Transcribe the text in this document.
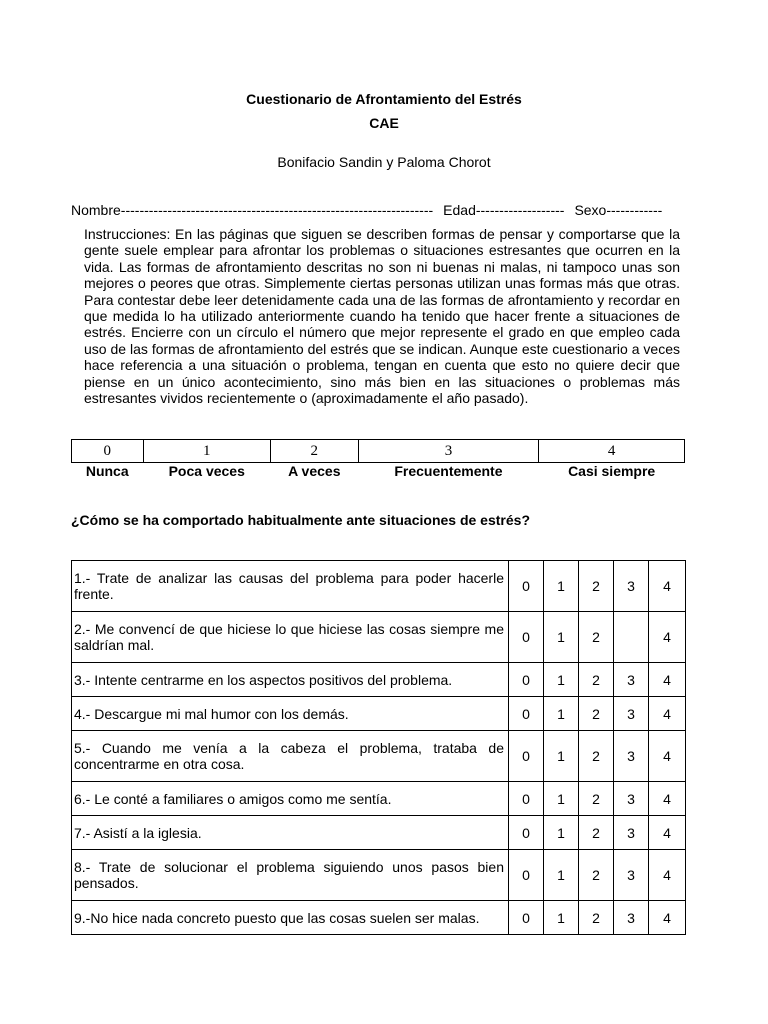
Cuestionario de Afrontamiento del Estrés
CAE
Bonifacio Sandin y Paloma Chorot
Nombre------------------------------------------------------------------- Edad------------------- Sexo------------
Instrucciones: En las páginas que siguen se describen formas de pensar y comportarse que la gente suele emplear para afrontar los problemas o situaciones estresantes que ocurren en la vida. Las formas de afrontamiento descritas no son ni buenas ni malas, ni tampoco unas son mejores o peores que otras. Simplemente ciertas personas utilizan unas formas más que otras. Para contestar debe leer detenidamente cada una de las formas de afrontamiento y recordar en que medida lo ha utilizado anteriormente cuando ha tenido que hacer frente a situaciones de estrés. Encierre con un círculo el número que mejor represente el grado en que empleo cada uso de las formas de afrontamiento del estrés que se indican. Aunque este cuestionario a veces hace referencia a una situación o problema, tengan en cuenta que esto no quiere decir que piense en un único acontecimiento, sino más bien en las situaciones o problemas más estresantes vividos recientemente o (aproximadamente el año pasado).
0	1	2	3	4
Nunca	Poca veces	A veces	Frecuentemente	Casi siempre
¿Cómo se ha comportado habitualmente ante situaciones de estrés?
1.- Trate de analizar las causas del problema para poder hacerle frente.	0	1	2	3	4
2.- Me convencí de que hiciese lo que hiciese las cosas siempre me saldrían mal.	0	1	2		4
3.- Intente centrarme en los aspectos positivos del problema.	0	1	2	3	4
4.- Descargue mi mal humor con los demás.	0	1	2	3	4
5.- Cuando me venía a la cabeza el problema, trataba de concentrarme en otra cosa.	0	1	2	3	4
6.- Le conté a familiares o amigos como me sentía.	0	1	2	3	4
7.- Asistí a la iglesia.	0	1	2	3	4
8.- Trate de solucionar el problema siguiendo unos pasos bien pensados.	0	1	2	3	4
9.-No hice nada concreto puesto que las cosas suelen ser malas.	0	1	2	3	4
